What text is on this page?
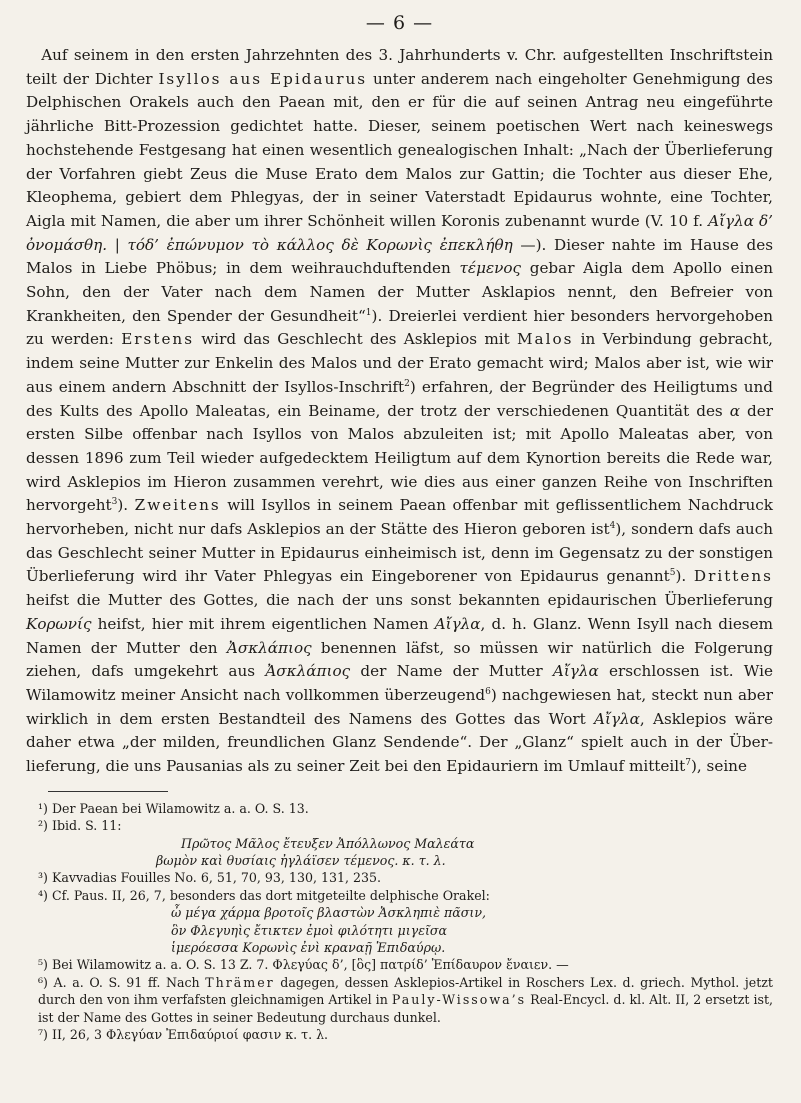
— 6 —

 Auf seinem in den ersten Jahrzehnten des 3. Jahrhunderts v. Chr. aufgestellten Inschriftstein teilt der Dichter Isyllos aus Epidaurus unter anderem nach eingeholter Genehmigung des Delphischen Orakels auch den Paean mit, den er für die auf seinen Antrag neu eingeführte jährliche Bitt-Prozession gedichtet hatte. Dieser, seinem poetischen Wert nach keineswegs hochstehende Festgesang hat einen wesentlich genealogischen Inhalt: „Nach der Überlieferung der Vorfahren giebt Zeus die Muse Erato dem Malos zur Gattin; die Tochter aus dieser Ehe, Kleophema, gebiert dem Phlegyas, der in seiner Vaterstadt Epidaurus wohnte, eine Tochter, Aigla mit Namen, die aber um ihrer Schönheit willen Koronis zubenannt wurde (V. 10 f. Αἴγλα δ’ ὀνομάσθη. | τόδ’ ἐπώνυμον τὸ κάλλος δὲ Κορωνὶς ἐπεκλήθη —). Dieser nahte im Hause des Malos in Liebe Phöbus; in dem weihrauchduftenden τέμενος gebar Aigla dem Apollo einen Sohn, den der Vater nach dem Namen der Mutter Asklapios nennt, den Befreier von Krankheiten, den Spender der Gesundheit“$^1$). Dreierlei verdient hier besonders hervorgehoben zu werden: Erstens wird das Geschlecht des Asklepios mit Malos in Verbindung gebracht, indem seine Mutter zur Enkelin des Malos und der Erato gemacht wird; Malos aber ist, wie wir aus einem andern Abschnitt der Isyllos-Inschrift$^2$) erfahren, der Begründer des Heiligtums und des Kults des Apollo Maleatas, ein Beiname, der trotz der verschiedenen Quantität des α der ersten Silbe offenbar nach Isyllos von Malos abzuleiten ist; mit Apollo Maleatas aber, von dessen 1896 zum Teil wieder aufgedecktem Heiligtum auf dem Kynortion bereits die Rede war, wird Asklepios im Hieron zusammen verehrt, wie dies aus einer ganzen Reihe von Inschriften hervorgeht$^3$). Zweitens will Isyllos in seinem Paean offenbar mit geflissentlichem Nachdruck hervorheben, nicht nur dafs Asklepios an der Stätte des Hieron geboren ist$^4$), sondern dafs auch das Geschlecht seiner Mutter in Epidaurus einheimisch ist, denn im Gegensatz zu der sonstigen Überlieferung wird ihr Vater Phlegyas ein Eingeborener von Epidaurus genannt$^5$). Drittens heifst die Mutter des Gottes, die nach der uns sonst bekannten epidaurischen Überlieferung Κορωνίς heifst, hier mit ihrem eigentlichen Namen Αἴγλα, d. h. Glanz. Wenn Isyll nach diesem Namen der Mutter den Ἀσκλάπιος benennen läfst, so müssen wir natürlich die Folgerung ziehen, dafs umgekehrt aus Ἀσκλάπιος der Name der Mutter Αἴγλα erschlossen ist. Wie Wilamowitz meiner Ansicht nach vollkommen überzeugend$^6$) nachgewiesen hat, steckt nun aber wirklich in dem ersten Bestandteil des Namens des Gottes das Wort Αἴγλα, Asklepios wäre daher etwa „der milden, freundlichen Glanz Sendende“. Der „Glanz“ spielt auch in der Überlieferung, die uns Pausanias als zu seiner Zeit bei den Epidauriern im Umlauf mitteilt$^7$), seine

¹) Der Paean bei Wilamowitz a. a. O. S. 13.
²) Ibid. S. 11:
Πρῶτος Μᾶλος ἔτευξεν Ἀπόλλωνος Μαλεάτα
βωμὸν καὶ θυσίαις ἠγλάϊσεν τέμενος. κ. τ. λ.
³) Kavvadias Fouilles No. 6, 51, 70, 93, 130, 131, 235.
⁴) Cf. Paus. II, 26, 7, besonders das dort mitgeteilte delphische Orakel:
ὦ μέγα χάρμα βροτοῖς βλαστὼν Ἀσκληπιὲ πᾶσιν,
ὃν Φλεγυηὶς ἔτικτεν ἐμοὶ φιλότητι μιγεῖσα
ἱμερόεσσα Κορωνὶς ἐνὶ κραναῇ Ἐπιδαύρῳ.
⁵) Bei Wilamowitz a. a. O. S. 13 Z. 7. Φλεγύας δ’, [ὃς] πατρίδ’ Ἐπίδαυρον ἔναιεν. —
⁶) A. a. O. S. 91 ff. Nach Thrämer dagegen, dessen Asklepios-Artikel in Roschers Lex. d. griech. Mythol. jetzt durch den von ihm verfafsten gleichnamigen Artikel in Pauly-Wissowa’s Real-Encycl. d. kl. Alt. II, 2 ersetzt ist, ist der Name des Gottes in seiner Bedeutung durchaus dunkel.
⁷) II, 26, 3 Φλεγύαν Ἐπιδαύριοί φασιν κ. τ. λ.
